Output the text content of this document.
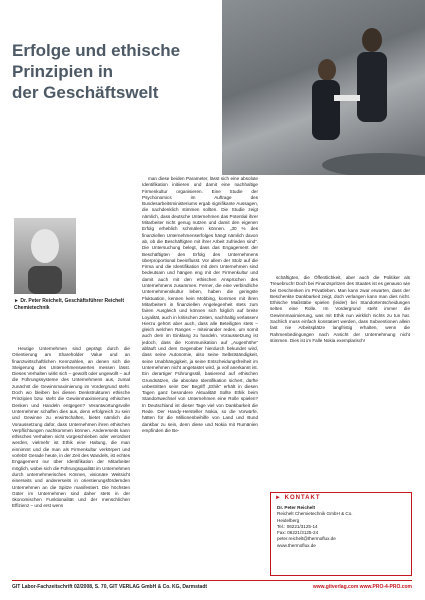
Erfolge und ethische
Prinzipien in
der Geschäftswelt
► Dr. Peter Reichelt, Geschäftsführer Reichelt Chemietechnik

Heutige Unternehmen sind geprägt durch die Orientierung am Shareholder Value und an finanzwirtschaftlichen Kennzahlen, an denen sich die Steigerung des Unternehmenswertes messen lässt. Dieses Verhalten wirkt sich – gewollt oder ungewollt – auf die Führungssysteme des Unternehmens aus, zumal zunächst die Gewinnmaximierung im Vordergrund steht. Doch wo bleiben bei diesen Denkstrukturen ethische Prinzipien bzw. steht die Gewinnmaximierung ethischen Denken und Handeln entgegen? Verantwortungsvolle Unternehmer schaffen dies aus, denn erfolgreich zu sein und Gewinne zu erwirtschaften, bietet nämlich die Voraussetzung dafür, dass Unternehmen ihren ethischen Verpflichtungen nachkommen können. Andererseits kann ethisches Verhalten nicht vorgeschrieben oder verordnet werden, vielmehr ist Ethik eine Haltung, die man einnimmt und die man als Firmenkultur verkörpert und vorlebt! Gerade heute, in der Zeit des Wandels, ist echtes Engagement nur über Identifikation der Mitarbeiter möglich, wobei sich die Führungsqualität im Unternehmen durch unternehmerisches Können, visionäre Weitsicht einerseits und andererseits in orientierungsfördernden Unternehmen an die Spitze manifestiert. Die höchsten Güter im Unternehmen sind daher stets in der ökonomischen Funktionalität und der menschlichen Effizienz – und erst wenn

man diese beiden Parameter, lässt sich eine absolute Identifikation initiieren und damit eine nachhaltige Firmenkultur organisieren. Eine Studie der Psychonomics im Auftrage des Bundesarbeitsministeriums ergab signifikante Aussagen, die nachdenklich stimmen sollten. Die Studie zeigt nämlich, dass deutsche Unternehmen das Potential ihrer Mitarbeiter nicht genug nutzen und damit den eigenen Erfolg erheblich schmälern können. „30 % des finanziellen Unternehmenserfolges hängt nämlich davon ab, ob die Beschäftigten mit ihrer Arbeit zufrieden sind“. Die Untersuchung belegt, dass das Engagement der Beschäftigten den Erfolg des Unternehmens überproportional beeinflusst. Vor allem der Stolz auf die Firma und die Identifikation mit dem Unternehmen sind bedeutsam und hängen eng mit der Firmenkultur und damit auch mit den ethischen Ansprüchen des Unternehmens zusammen. Ferner, die eine verbindliche Unternehmenskultur leben, haben die geringste Fluktuation, kennen kein Mobbing, kommen mit ihren Mitarbeitern in finanziellen Angelegenheit stets zum fairen Ausgleich und können sich folglich auf breite Loyalität, auch in kritischen Zeiten, nachhaltig verlassen! Hierzu gehört aber auch, dass alle Beteiligten stets – gleich welchen Ranges – miteinander reden, um somit auch dem im Einklang zu handeln. Voraussetzung ist jedoch, dass die Kommunikation auf „Augenhöhe“ abläuft und dem Gegenüber hierdurch bekundet wird, dass seine Autonomie, also seine Selbstständigkeit, seine Unabhängigkeit, ja seine Entscheidungsfreiheit im Unternehmen nicht angetastet wird, ja voll anerkannt ist. Ein derartiger Führungsstil, basierend auf ethischen Grundsätzen, die absolute Identifikation sichert, dürfte unbestritten sein! Der Begriff „Ethik“ erhält in diesen Tagen ganz besondere Aktualität! Sollte Ethik beim Standortwechsel von Unternehmen eine Rolle spielen? In Deutschland ist dieser Tage viel von Dankbarkeit die Rede. Der Handy-Hersteller Nokia, so die Vorwürfe, hätten für die Millionenbeihilfe von Land und Bund dankbar zu sein, denn diese und Nokia mit Rumänien empfinden die Be-

schäftigten, die Öffentlichkeit, aber auch die Politiker als Treuebruch! Doch bei Finanzspritzen des Staates ist es genauso wie bei Geschenken im Privatleben. Man kann zwar erwarten, dass der Beschenkte Dankbarkeit zeigt, doch verlangen kann man dies nicht. Ethische Maßstäbe spielen (leider) bei Standortentscheidungen selten eine Rolle. Im Vordergrund steht immer die Gewinnmaximierung, was mit Ethik nun wirklich nichts zu tun hat. Sachlich muss einfach konstatiert werden, dass Subventionen allein fast nie Arbeitsplätze langfristig erhalten, wenn die Rahmenbedingungen nach Ansicht der Unternehmung nicht stimmen. Dies ist im Falle Nokia exemplarisch!

► KONTAKT
Dr. Peter Reichelt
Reichelt Chemietechnik GmbH & Co.
Heidelberg
Tel.: 06221/3125-14
Fax: 06221/3125-24
peter.reichelt@thermoflux.de
www.thermoflux.de
GIT Labor-Fachzeitschrift 02/2008, S. 70, GIT VERLAG GmbH & Co. KG, Darmstadt	www.gitverlag.com www.PRO-4-PRO.com
